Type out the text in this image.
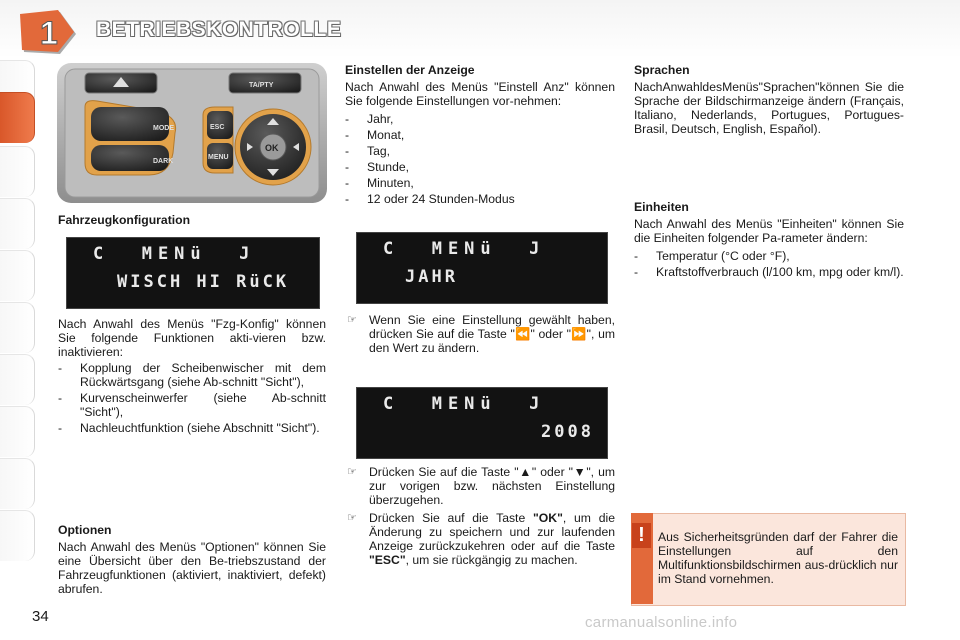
1 BETRIEBSKONTROLLE
TA/PTY
MODE
DARK
ESC
MENU
OK
Fahrzeugkonfiguration
C  MENü  J
WISCH HI RüCK

Nach Anwahl des Menüs "Fzg-Konfig" können Sie folgende Funktionen akti-vieren bzw. inaktivieren:

- Kopplung der Scheibenwischer mit dem Rückwärtsgang (siehe Ab-schnitt "Sicht"),
- Kurvenscheinwerfer (siehe Ab-schnitt "Sicht"),
- Nachleuchtfunktion (siehe Abschnitt "Sicht").
Optionen
Nach Anwahl des Menüs "Optionen" können Sie eine Übersicht über den Be-triebszustand der Fahrzeugfunktionen (aktiviert, inaktiviert, defekt) abrufen.
Einstellen der Anzeige

Nach Anwahl des Menüs "Einstell Anz" können Sie folgende Einstellungen vor-nehmen:

- Jahr,
- Monat,
- Tag,
- Stunde,
- Minuten,
- 12 oder 24 Stunden-Modus
C  MENü  J
JAHR
☞ Wenn Sie eine Einstellung gewählt haben, drücken Sie auf die Taste "⏪" oder "⏩", um den Wert zu ändern.
C  MENü  J
2008
☞ Drücken Sie auf die Taste "▲" oder "▼", um zur vorigen bzw. nächsten Einstellung überzugehen.
☞ Drücken Sie auf die Taste "OK", um die Änderung zu speichern und zur laufenden Anzeige zurückzukehren oder auf die Taste "ESC", um sie rückgängig zu machen.
Sprachen
NachAnwahldesMenüs"Sprachen"können Sie die Sprache der Bildschirmanzeige ändern (Français, Italiano, Nederlands, Portugues, Portugues-Brasil, Deutsch, English, Español).
Einheiten

Nach Anwahl des Menüs "Einheiten" können Sie die Einheiten folgender Pa-rameter ändern:

- Temperatur (°C oder °F),
- Kraftstoffverbrauch (l/100 km, mpg oder km/l).
!	Aus Sicherheitsgründen darf der Fahrer die Einstellungen auf den Multifunktionsbildschirmen aus-drücklich nur im Stand vornehmen.
34	carmanualsonline.info
